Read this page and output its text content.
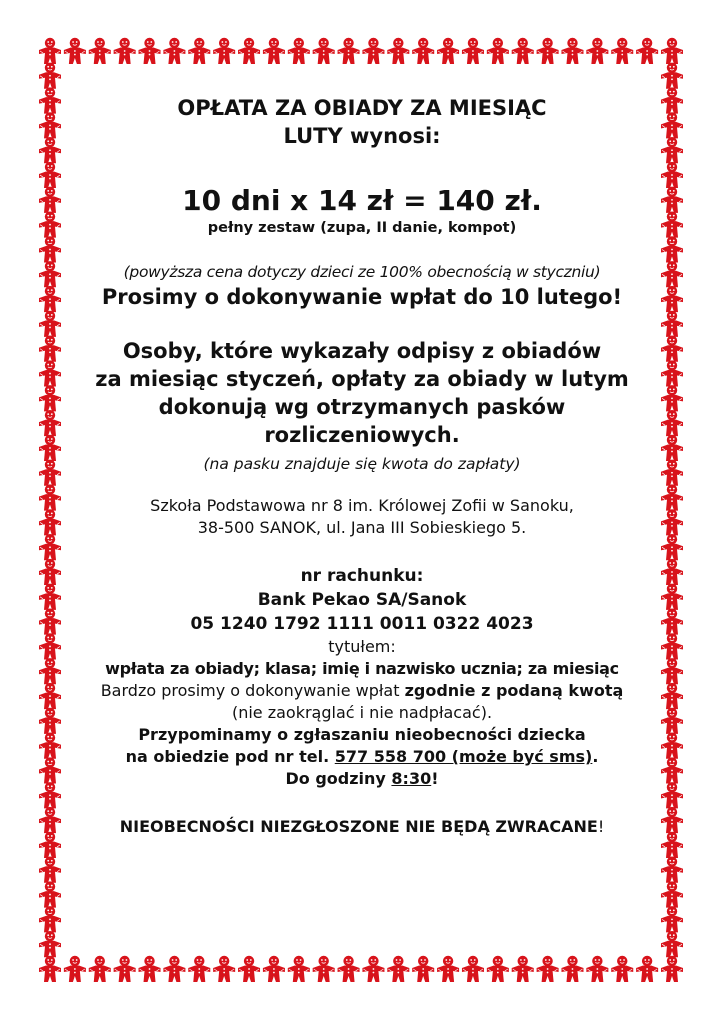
OPŁATA ZA OBIADY ZA MIESIĄC
LUTY wynosi:
10 dni x 14 zł = 140 zł.
pełny zestaw (zupa, II danie, kompot)
(powyższa cena dotyczy dzieci ze 100% obecnością w styczniu)
Prosimy o dokonywanie wpłat do 10 lutego!
Osoby, które wykazały odpisy z obiadów
za miesiąc styczeń, opłaty za obiady w lutym
dokonują wg otrzymanych pasków
rozliczeniowych.
(na pasku znajduje się kwota do zapłaty)
Szkoła Podstawowa nr 8 im. Królowej Zofii w Sanoku,
38-500 SANOK, ul. Jana III Sobieskiego 5.
nr rachunku:
Bank Pekao SA/Sanok
05 1240 1792 1111 0011 0322 4023
tytułem:
wpłata za obiady; klasa; imię i nazwisko ucznia; za miesiąc
Bardzo prosimy o dokonywanie wpłat zgodnie z podaną kwotą
(nie zaokrąglać i nie nadpłacać).
Przypominamy o zgłaszaniu nieobecności dziecka
na obiedzie pod nr tel. 577 558 700 (może być sms).
Do godziny 8:30!
NIEOBECNOŚCI NIEZGŁOSZONE NIE BĘDĄ ZWRACANE!
